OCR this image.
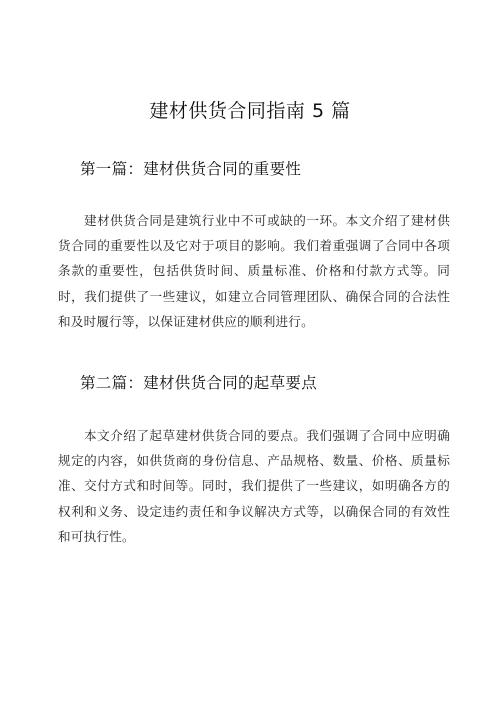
建材供货合同指南 5 篇
第一篇：建材供货合同的重要性

建材供货合同是建筑行业中不可或缺的一环。本文介绍了建材供货合同的重要性以及它对于项目的影响。我们着重强调了合同中各项条款的重要性，包括供货时间、质量标准、价格和付款方式等。同时，我们提供了一些建议，如建立合同管理团队、确保合同的合法性和及时履行等，以保证建材供应的顺利进行。

第二篇：建材供货合同的起草要点

本文介绍了起草建材供货合同的要点。我们强调了合同中应明确规定的内容，如供货商的身份信息、产品规格、数量、价格、质量标准、交付方式和时间等。同时，我们提供了一些建议，如明确各方的权利和义务、设定违约责任和争议解决方式等，以确保合同的有效性和可执行性。
